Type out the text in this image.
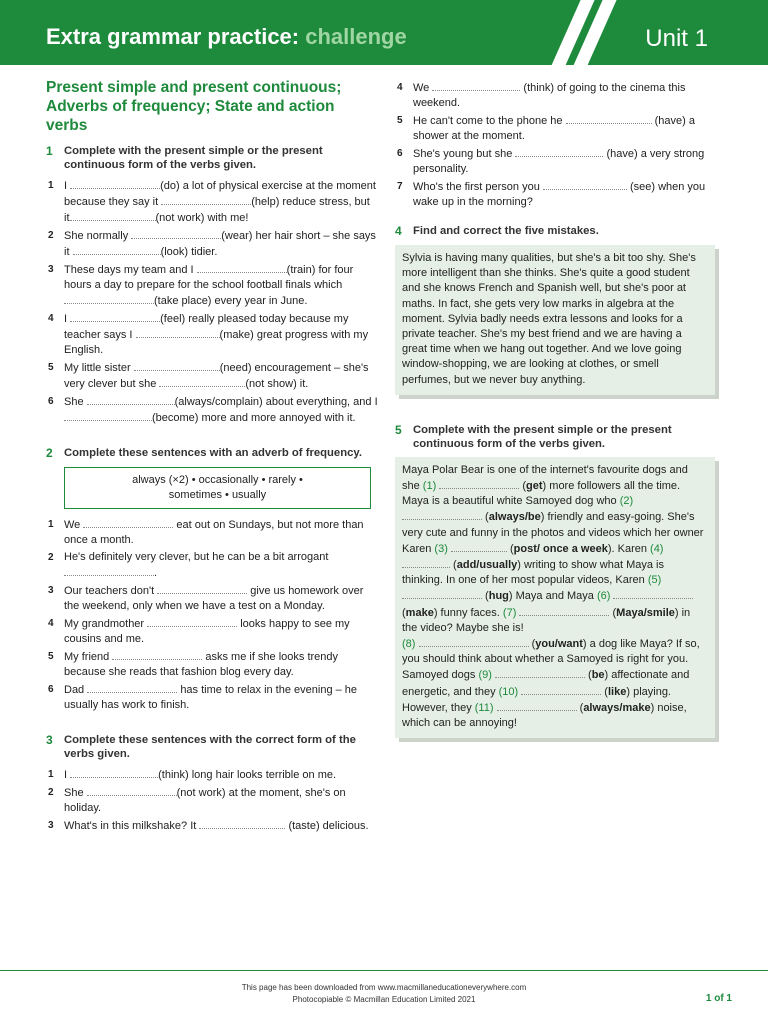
Extra grammar practice: challenge	Unit 1
Present simple and present continuous; Adverbs of frequency; State and action verbs
1	Complete with the present simple or the present continuous form of the verbs given.
1 I	(do) a lot of physical exercise at the moment because they say it	(help) reduce stress, but it	(not work) with me!
2 She normally	(wear) her hair short – she says it	(look) tidier.
3 These days my team and I	(train) for four hours a day to prepare for the school football finals which (take place) every year in June.
4 I	(feel) really pleased today because my teacher says I	(make) great progress with my English.
5 My little sister	(need) encouragement – she's very clever but she	(not show) it.
6 She	(always/complain) about everything, and I (become) more and more annoyed with it.
2	Complete these sentences with an adverb of frequency.
always (×2) • occasionally • rarely •
sometimes • usually
1 We	eat out on Sundays, but not more than once a month.
2 He's definitely very clever, but he can be a bit arrogant .
3 Our teachers don't	give us homework over the weekend, only when we have a test on a Monday.
4 My grandmother	looks happy to see my cousins and me.
5 My friend	asks me if she looks trendy because she reads that fashion blog every day.
6 Dad	has time to relax in the evening – he usually has work to finish.
3	Complete these sentences with the correct form of the verbs given.
1 I	(think) long hair looks terrible on me.
2 She	(not work) at the moment, she's on holiday.
3 What's in this milkshake? It	(taste) delicious.
4 We	(think) of going to the cinema this weekend.
5 He can't come to the phone he	(have) a shower at the moment.
6 She's young but she	(have) a very strong personality.
7 Who's the first person you	(see) when you wake up in the morning?
4	Find and correct the five mistakes.
Sylvia is having many qualities, but she's a bit too shy. She's more intelligent than she thinks. She's quite a good student and she knows French and Spanish well, but she's poor at maths. In fact, she gets very low marks in algebra at the moment. Sylvia badly needs extra lessons and looks for a private teacher. She's my best friend and we are having a great time when we hang out together. And we love going window-shopping, we are looking at clothes, or smell perfumes, but we never buy anything.
5	Complete with the present simple or the present continuous form of the verbs given.
Maya Polar Bear is one of the internet's favourite dogs and she (1)	(get) more followers all the time. Maya is a beautiful white Samoyed dog who (2)  (always/be) friendly and easy-going. She's very cute and funny in the photos and videos which her owner Karen (3)	(post/ once a week). Karen (4)  (add/usually) writing to show what Maya is thinking. In one of her most popular videos, Karen (5)  (hug) Maya and Maya (6)  (make) funny faces. (7)	(Maya/smile) in the video? Maybe she is!
(8)	(you/want) a dog like Maya? If so, you should think about whether a Samoyed is right for you. Samoyed dogs (9)	(be) affectionate and energetic, and they (10)	(like) playing. However, they (11)	(always/make) noise, which can be annoying!
This page has been downloaded from www.macmillaneducationeverywhere.com
Photocopiable © Macmillan Education Limited 2021	1 of 1
